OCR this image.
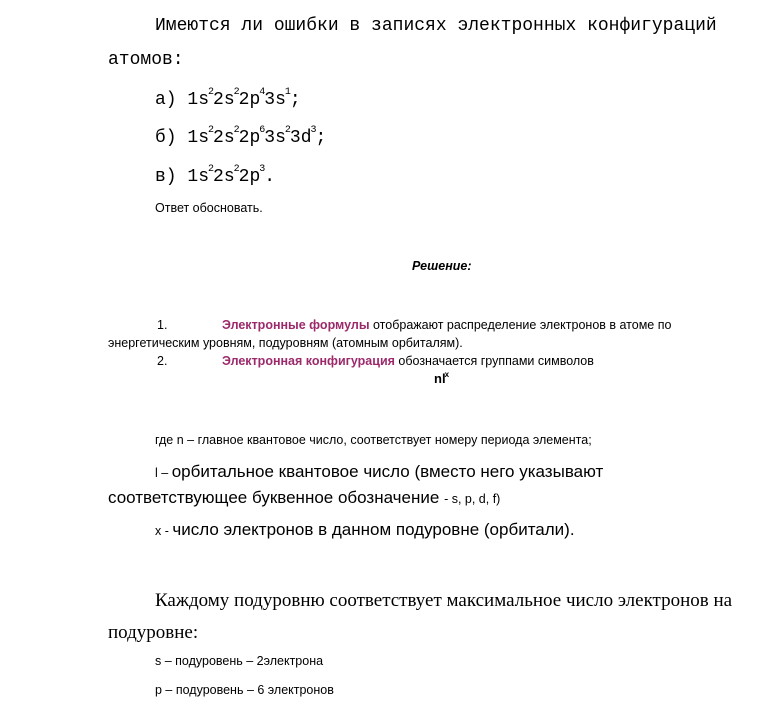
Имеются ли ошибки в записях электронных конфигураций
атомов:
а) $1s^22s^22p^43s^1$;
б) $1s^22s^22p^63s^23d^3$;
в) $1s^22s^22p^3$.
Ответ обосновать.
Решение:
1.	Электронные формулы отображают распределение электронов в атоме по
энергетическим уровням, подуровням (атомным орбиталям).
2.	Электронная конфигурация обозначается группами символов
$nl^x$
где n – главное квантовое число, соответствует номеру периода элемента;
l – орбитальное квантовое число (вместо него указывают
соответствующее буквенное обозначение - s, p, d, f)
x - число электронов в данном подуровне (орбитали).
Каждому подуровню соответствует максимальное число электронов на
подуровне:
s – подуровень – 2электрона
p – подуровень – 6 электронов
